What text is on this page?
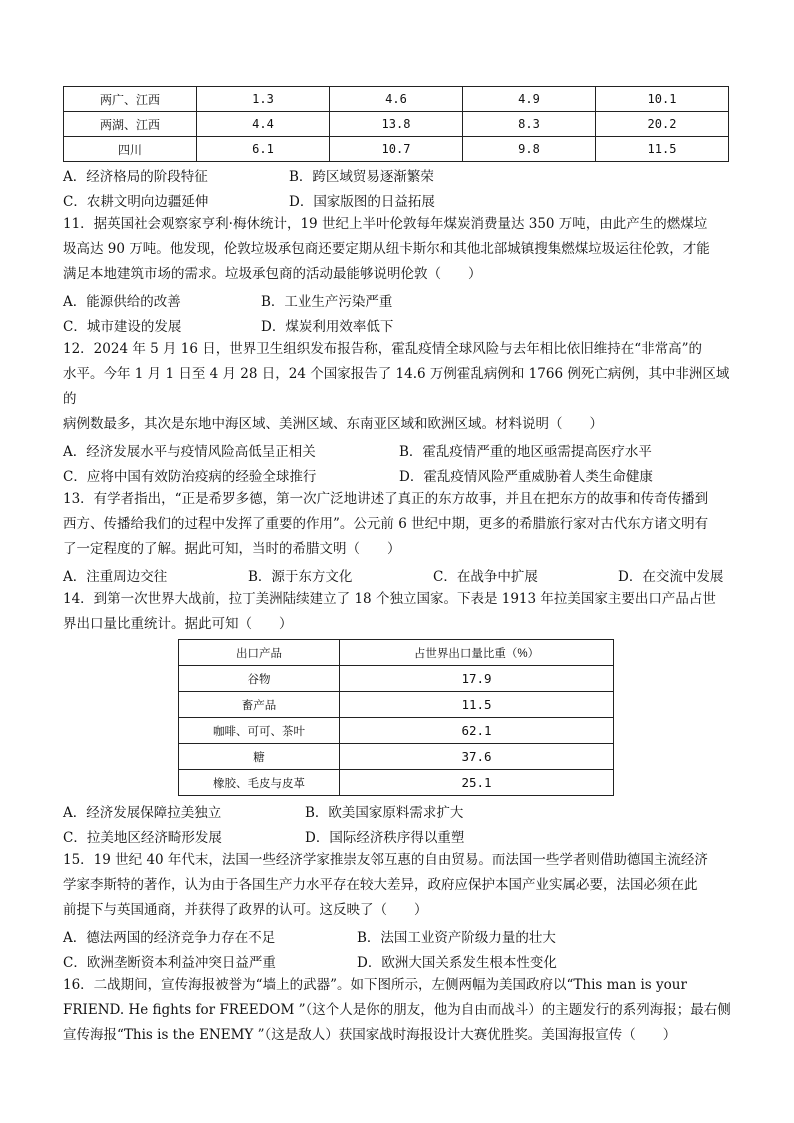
两广、江西	1.3	4.6	4.9	10.1
两湖、江西	4.4	13.8	8.3	20.2
四川	6.1	10.7	9.8	11.5
A．经济格局的阶段特征	B．跨区域贸易逐渐繁荣
C．农耕文明向边疆延伸	D．国家版图的日益拓展

11．据英国社会观察家亨利·梅休统计，19 世纪上半叶伦敦每年煤炭消费量达 350 万吨，由此产生的燃煤垃

圾高达 90 万吨。他发现，伦敦垃圾承包商还要定期从纽卡斯尔和其他北部城镇搜集燃煤垃圾运往伦敦，才能

满足本地建筑市场的需求。垃圾承包商的活动最能够说明伦敦（　　）

A．能源供给的改善	B．工业生产污染严重
C．城市建设的发展	D．煤炭利用效率低下

12．2024 年 5 月 16 日，世界卫生组织发布报告称，霍乱疫情全球风险与去年相比依旧维持在“非常高”的

水平。今年 1 月 1 日至 4 月 28 日，24 个国家报告了 14.6 万例霍乱病例和 1766 例死亡病例，其中非洲区域的

病例数最多，其次是东地中海区域、美洲区域、东南亚区域和欧洲区域。材料说明（　　）

A．经济发展水平与疫情风险高低呈正相关	B．霍乱疫情严重的地区亟需提高医疗水平
C．应将中国有效防治疫病的经验全球推行	D．霍乱疫情风险严重威胁着人类生命健康

13．有学者指出，“正是希罗多德，第一次广泛地讲述了真正的东方故事，并且在把东方的故事和传奇传播到

西方、传播给我们的过程中发挥了重要的作用”。公元前 6 世纪中期，更多的希腊旅行家对古代东方诸文明有

了一定程度的了解。据此可知，当时的希腊文明（　　）

A．注重周边交往	B．源于东方文化	C．在战争中扩展	D．在交流中发展

14．到第一次世界大战前，拉丁美洲陆续建立了 18 个独立国家。下表是 1913 年拉美国家主要出口产品占世

界出口量比重统计。据此可知（　　）

出口产品	占世界出口量比重（%）
谷物	17.9
畜产品	11.5
咖啡、可可、茶叶	62.1
糖	37.6
橡胶、毛皮与皮革	25.1
A．经济发展保障拉美独立	B．欧美国家原料需求扩大
C．拉美地区经济畸形发展	D．国际经济秩序得以重塑

15．19 世纪 40 年代末，法国一些经济学家推崇友邻互惠的自由贸易。而法国一些学者则借助德国主流经济

学家李斯特的著作，认为由于各国生产力水平存在较大差异，政府应保护本国产业实属必要，法国必须在此

前提下与英国通商，并获得了政界的认可。这反映了（　　）

A．德法两国的经济竞争力存在不足	B．法国工业资产阶级力量的壮大
C．欧洲垄断资本利益冲突日益严重	D．欧洲大国关系发生根本性变化

16．二战期间，宣传海报被誉为“墙上的武器”。如下图所示，左侧两幅为美国政府以“This man is your

FRIEND. He fights for FREEDOM ”（这个人是你的朋友，他为自由而战斗）的主题发行的系列海报；最右侧

宣传海报“This is the ENEMY ”（这是敌人）获国家战时海报设计大赛优胜奖。美国海报宣传（　　）
